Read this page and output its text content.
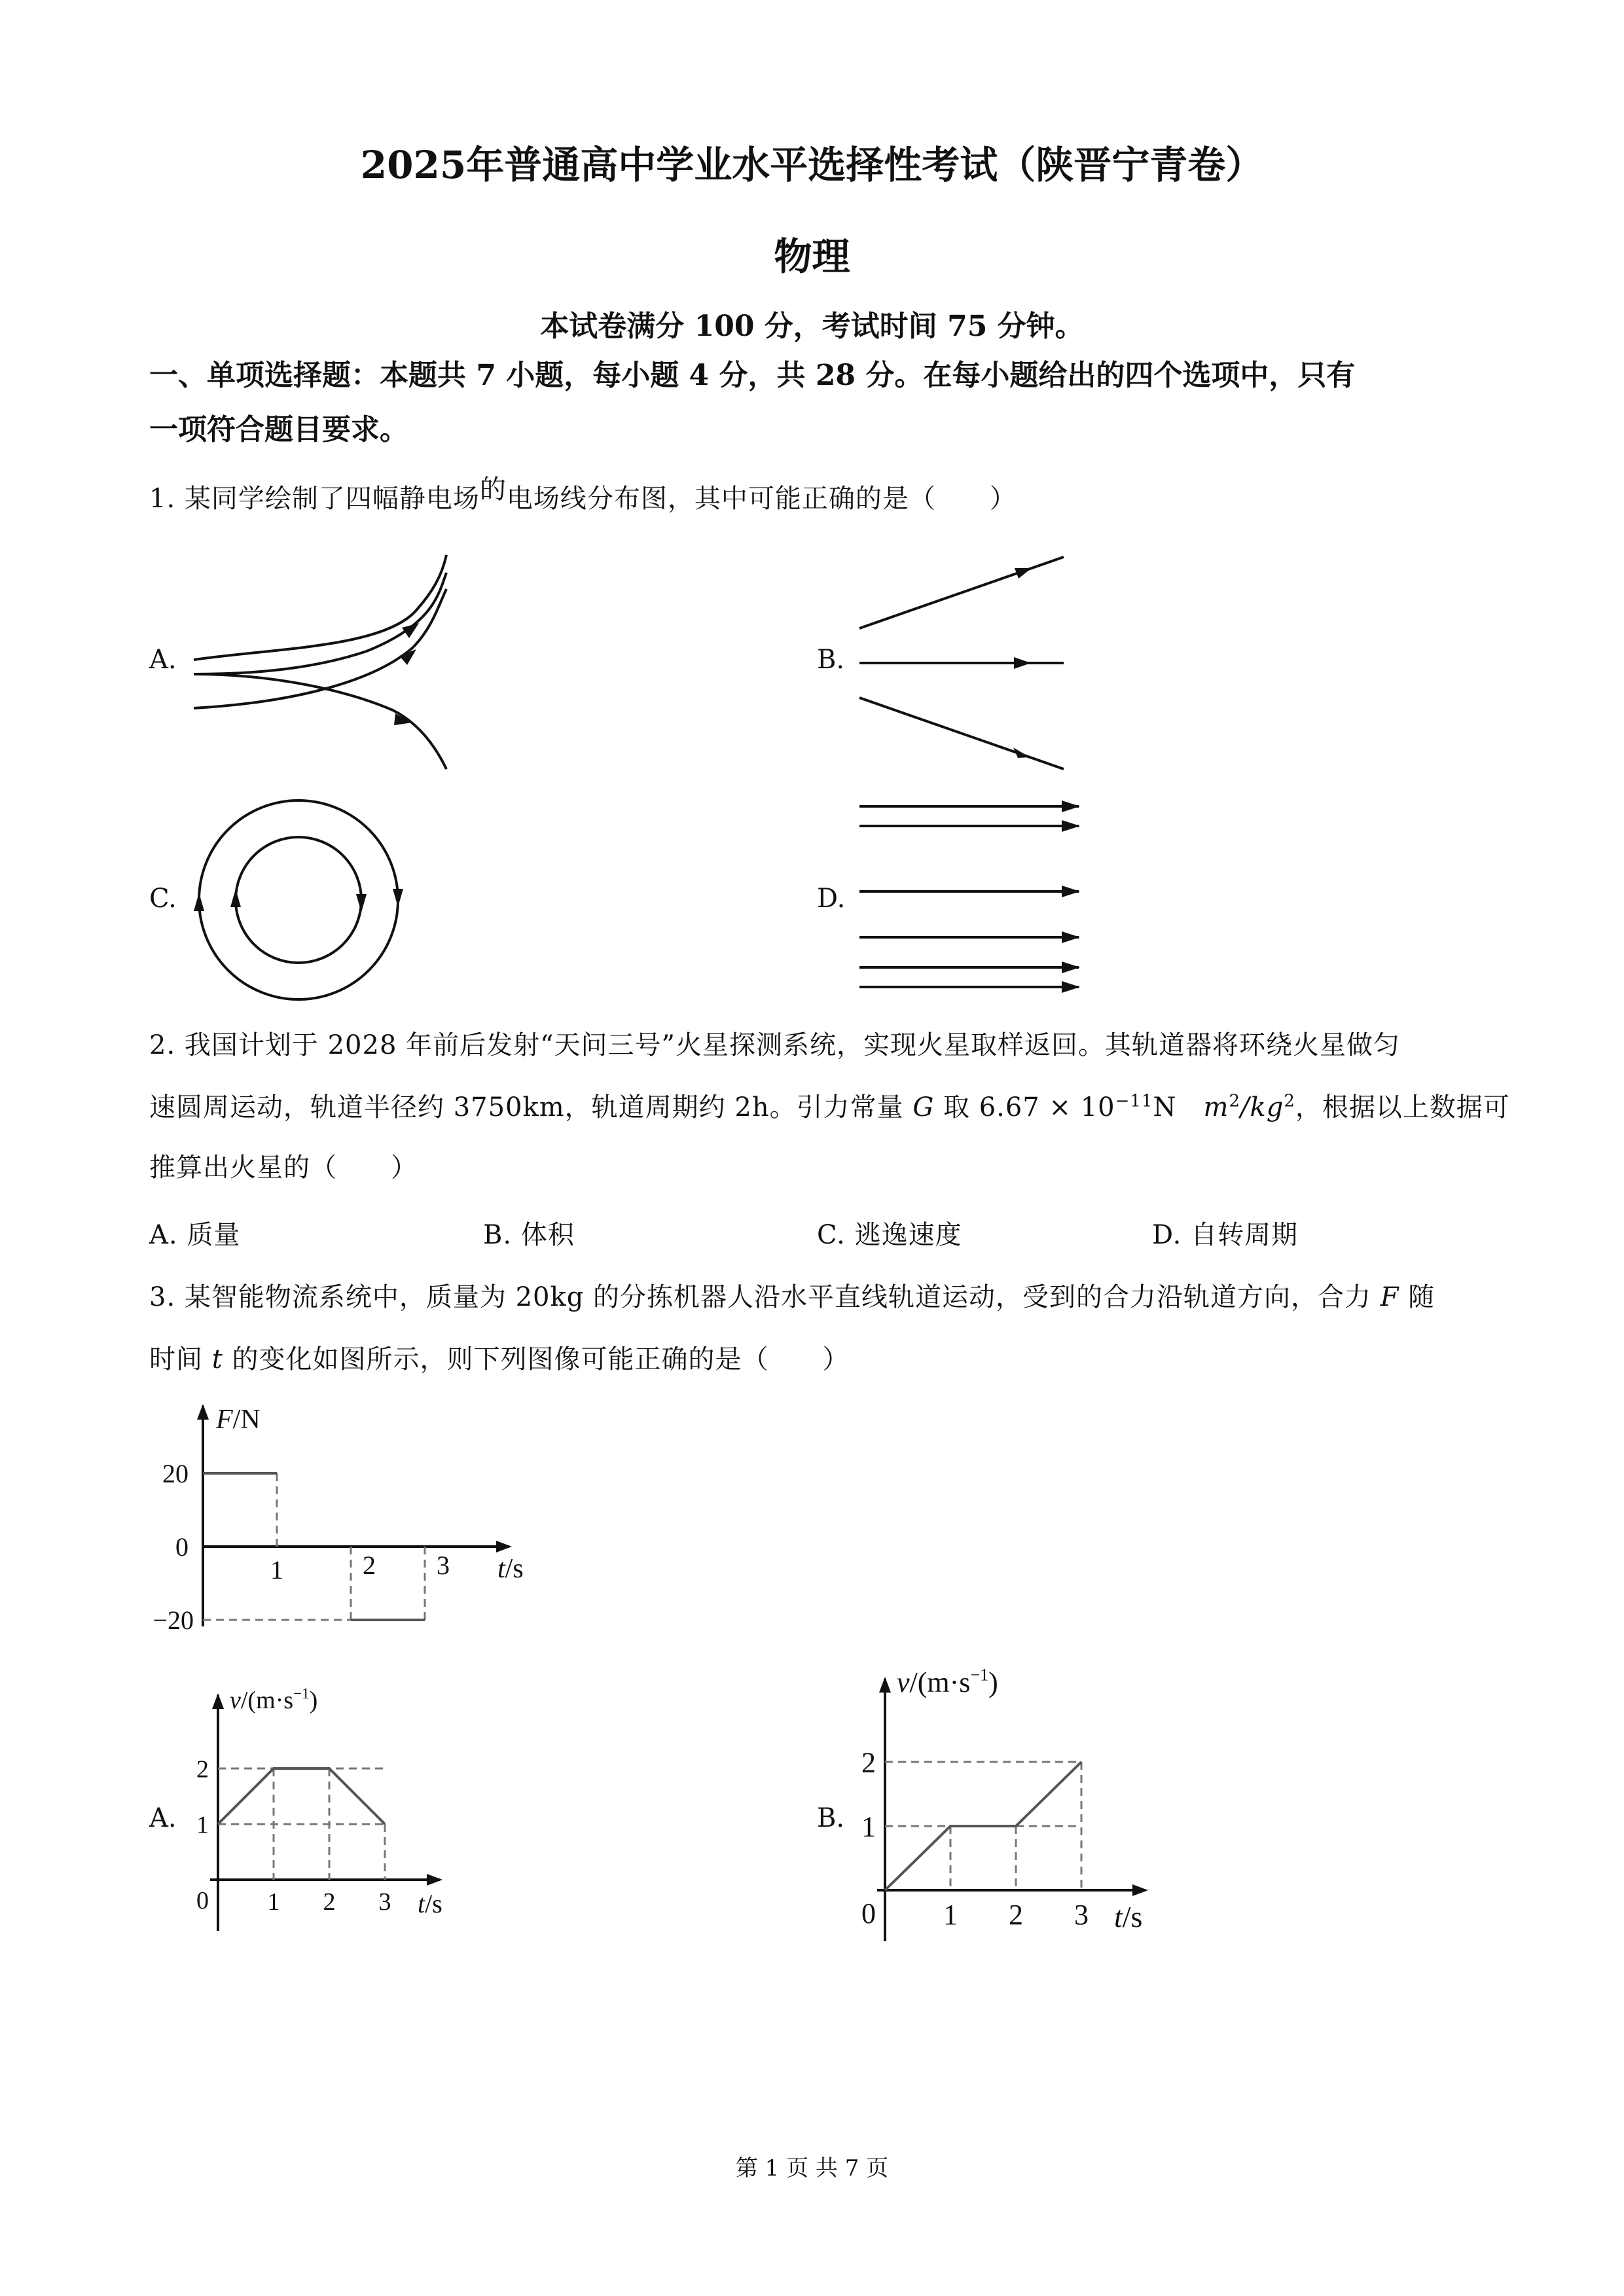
2025年普通高中学业水平选择性考试（陕晋宁青卷）
物理
本试卷满分 100 分，考试时间 75 分钟。
一、单项选择题：本题共 7 小题，每小题 4 分，共 28 分。在每小题给出的四个选项中，只有
一项符合题目要求。
1. 某同学绘制了四幅静电场的电场线分布图，其中可能正确的是（　　）
A.	B.
C.	D.
2. 我国计划于 2028 年前后发射“天问三号”火星探测系统，实现火星取样返回。其轨道器将环绕火星做匀
速圆周运动，轨道半径约 3750km，轨道周期约 2h。引力常量 G 取 $6.67 \times 10^{-11}N$　$m^2/kg^2$，根据以上数据可
推算出火星的（　　）
A. 质量	B. 体积	C. 逃逸速度	D. 自转周期
3. 某智能物流系统中，质量为 20kg 的分拣机器人沿水平直线轨道运动，受到的合力沿轨道方向，合力 F 随
时间 t 的变化如图所示，则下列图像可能正确的是（　　）
A.	B.
1	2 3
20
0
−20
F/N
t/s
1 2 3
2
1
0	t/s
$v/(m\cdot s^{-1})$
1 2 3
2
1
0	t/s
$v/(m\cdot s^{-1})$
第 1 页 共 7 页
